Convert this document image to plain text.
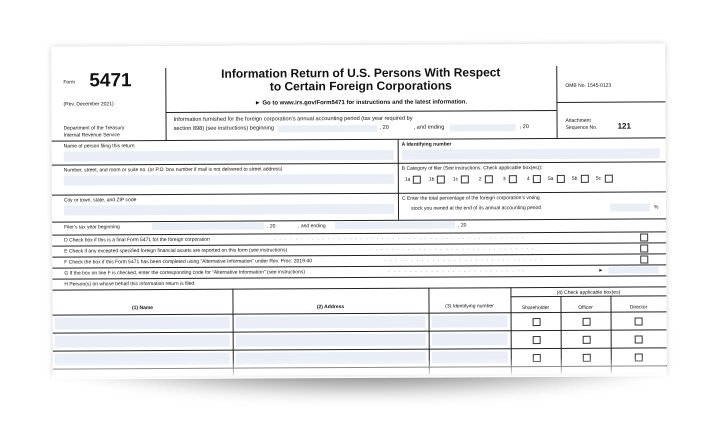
Form 5471
(Rev. December 2021)
Department of the Treasury
Internal Revenue Service
Information Return of U.S. Persons With Respect
to Certain Foreign Corporations
► Go to www.irs.gov/Form5471 for instructions and the latest information.
Information furnished for the foreign corporation’s annual accounting period (tax year required by
section 898) (see instructions) beginning	, 20	, and ending	, 20
OMB No. 1545-0123
Attachment
Sequence No.	121
Name of person filing this return	A Identifying number
Number, street, and room or suite no. (or P.O. box number if mail is not delivered to street address)	B Category of filer (See instructions. Check applicable box(es)):
1a	1b	1c	2	3	4	5a	5b	5c
City or town, state, and ZIP code	C Enter the total percentage of the foreign corporation’s voting
stock you owned at the end of its annual accounting period	%
Filer’s tax year beginning	, 20	, and ending	, 20
D Check box if this is a final Form 5471 for the foreign corporation	...............................................
E Check if any excepted specified foreign financial assets are reported on this form (see instructions)	...............................
F Check the box if this Form 5471 has been completed using “Alternative Information” under Rev. Proc. 2019-40	..............................
G If the box on line F is checked, enter the corresponding code for “Alternative Information” (see instructions)	..........................	►
H Person(s) on whose behalf this information return is filed:
(1) Name	(2) Address	(3) Identifying number
(4) Check applicable box(es)
Shareholder	Officer	Director
